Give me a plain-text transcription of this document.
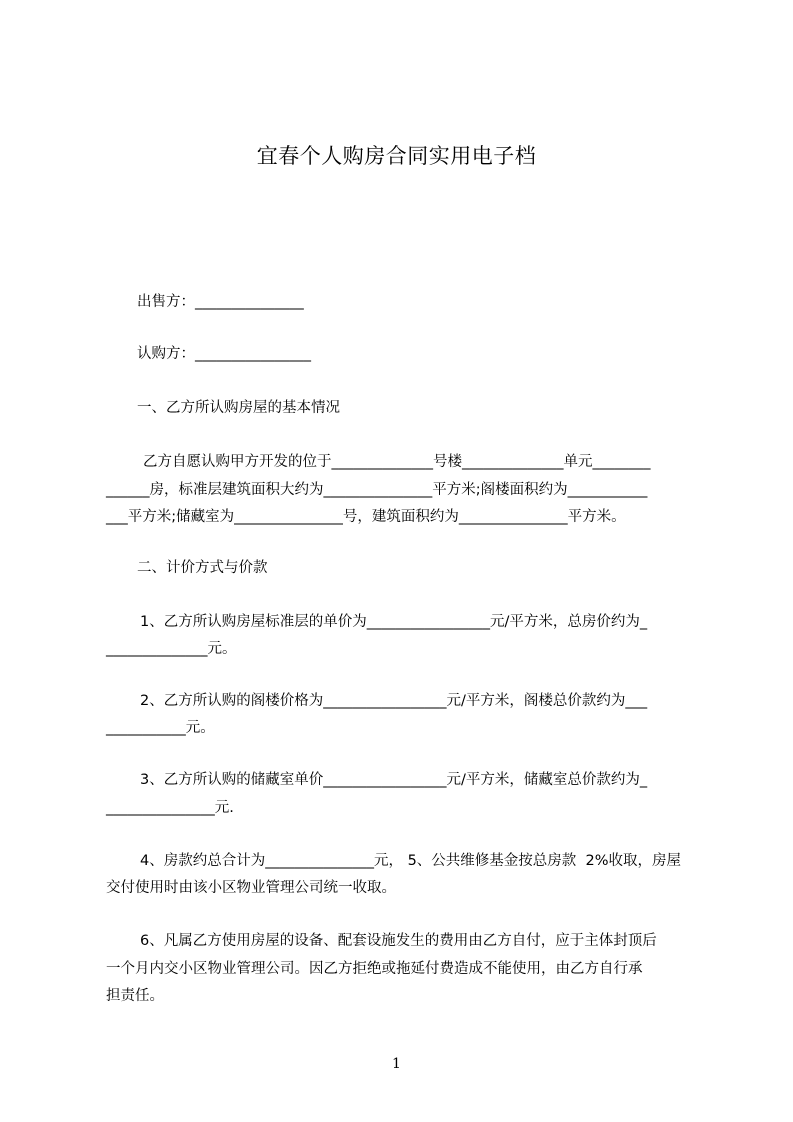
宜春个人购房合同实用电子档
出售方：_______________
认购方：________________
一、乙方所认购房屋的基本情况
乙方自愿认购甲方开发的位于______________号楼______________单元________
______房，标准层建筑面积大约为_______________平方米;阁楼面积约为___________
___平方米;储藏室为_______________号，建筑面积约为_______________平方米。
二、计价方式与价款
1、乙方所认购房屋标准层的单价为_________________元/平方米，总房价约为_
______________元。
2、乙方所认购的阁楼价格为_________________元/平方米，阁楼总价款约为___
___________元。
3、乙方所认购的储藏室单价_________________元/平方米，储藏室总价款约为_
_______________元.
4、房款约总合计为_______________元， 5、公共维修基金按总房款  2%收取，房屋
交付使用时由该小区物业管理公司统一收取。
6、凡属乙方使用房屋的设备、配套设施发生的费用由乙方自付，应于主体封顶后
一个月内交小区物业管理公司。因乙方拒绝或拖延付费造成不能使用，由乙方自行承
担责任。
1
